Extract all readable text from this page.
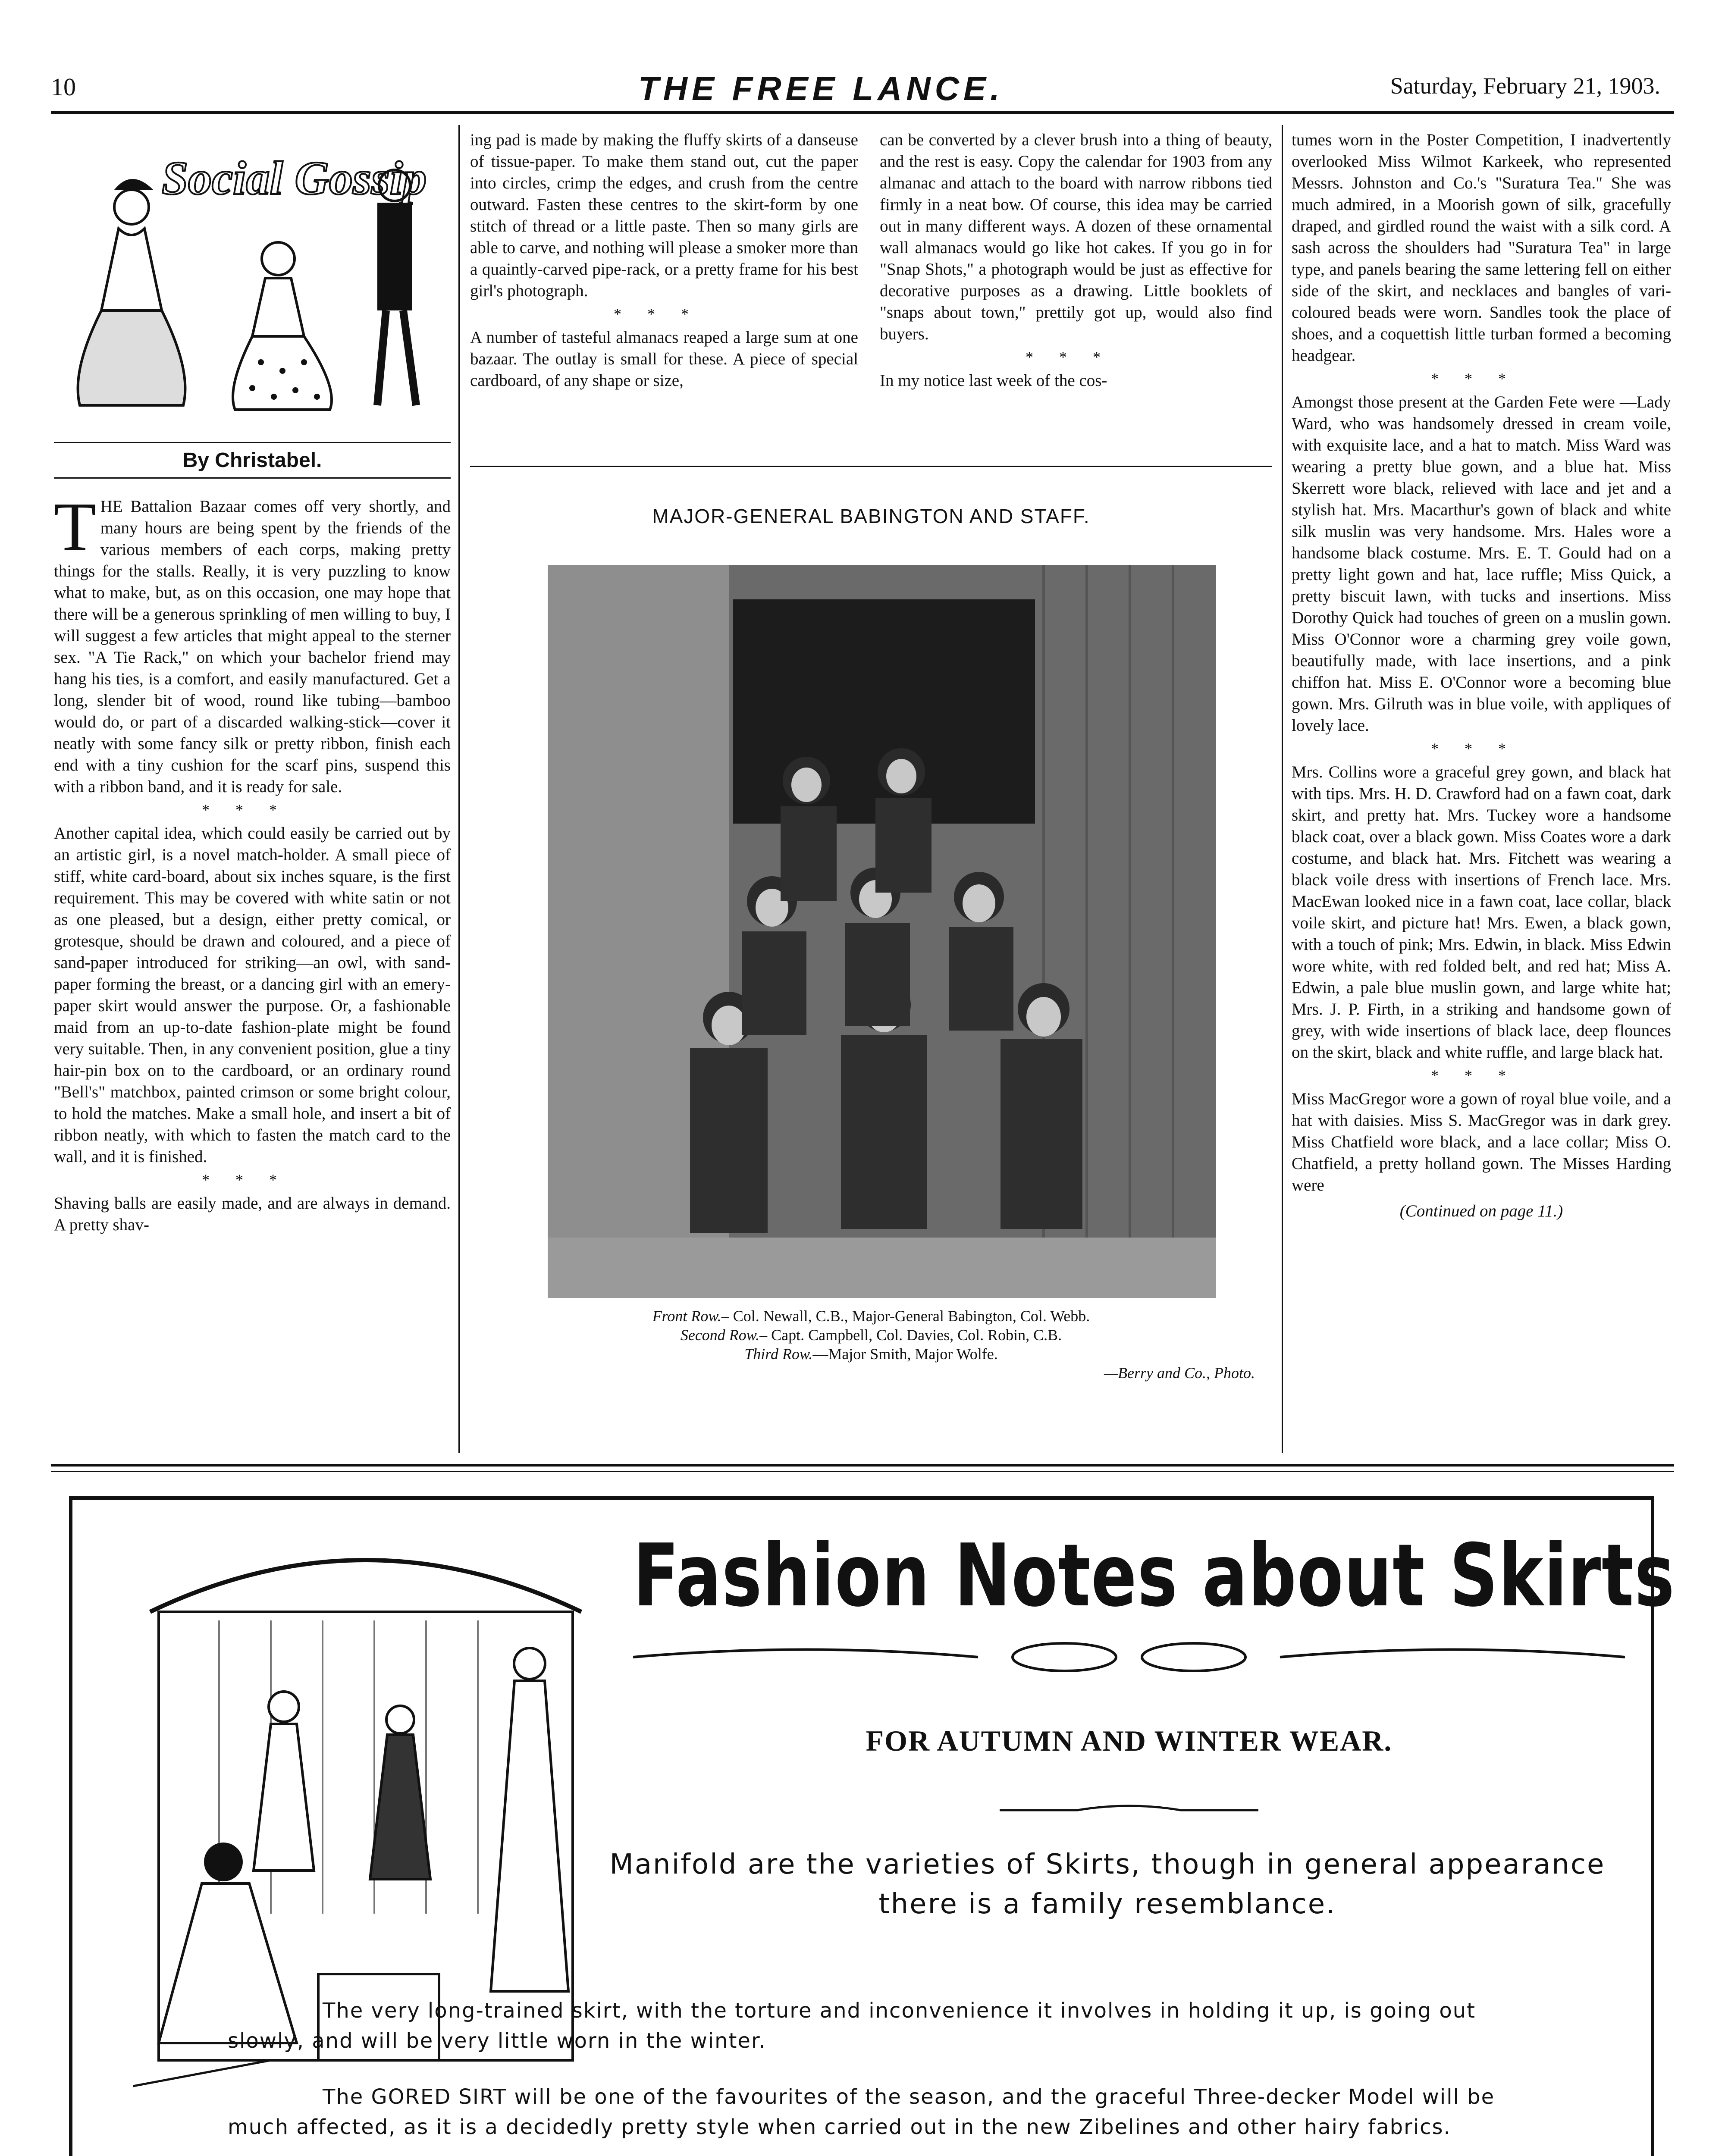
10	THE FREE LANCE.	Saturday, February 21, 1903.
Social Gossip
By Christabel.
T HE Battalion Bazaar comes off very shortly, and many hours are being spent by the friends of the various members of each corps, making pretty things for the stalls. Really, it is very puzzling to know what to make, but, as on this occasion, one may hope that there will be a generous sprinkling of men willing to buy, I will suggest a few articles that might appeal to the sterner sex. "A Tie Rack," on which your bachelor friend may hang his ties, is a comfort, and easily manufactured. Get a long, slender bit of wood, round like tubing—bamboo would do, or part of a discarded walking-stick—cover it neatly with some fancy silk or pretty ribbon, finish each end with a tiny cushion for the scarf pins, suspend this with a ribbon band, and it is ready for sale.

***

Another capital idea, which could easily be carried out by an artistic girl, is a novel match-holder. A small piece of stiff, white card-board, about six inches square, is the first requirement. This may be covered with white satin or not as one pleased, but a design, either pretty comical, or grotesque, should be drawn and coloured, and a piece of sand-paper introduced for striking—an owl, with sand-paper forming the breast, or a dancing girl with an emery-paper skirt would answer the purpose. Or, a fashionable maid from an up-to-date fashion-plate might be found very suitable. Then, in any convenient position, glue a tiny hair-pin box on to the cardboard, or an ordinary round "Bell's" matchbox, painted crimson or some bright colour, to hold the matches. Make a small hole, and insert a bit of ribbon neatly, with which to fasten the match card to the wall, and it is finished.

***

Shaving balls are easily made, and are always in demand. A pretty shav-

ing pad is made by making the fluffy skirts of a danseuse of tissue-paper. To make them stand out, cut the paper into circles, crimp the edges, and crush from the centre outward. Fasten these centres to the skirt-form by one stitch of thread or a little paste. Then so many girls are able to carve, and nothing will please a smoker more than a quaintly-carved pipe-rack, or a pretty frame for his best girl's photograph.

***

A number of tasteful almanacs reaped a large sum at one bazaar. The outlay is small for these. A piece of special cardboard, of any shape or size,

can be converted by a clever brush into a thing of beauty, and the rest is easy. Copy the calendar for 1903 from any almanac and attach to the board with narrow ribbons tied firmly in a neat bow. Of course, this idea may be carried out in many different ways. A dozen of these ornamental wall almanacs would go like hot cakes. If you go in for "Snap Shots," a photograph would be just as effective for decorative purposes as a drawing. Little booklets of "snaps about town," prettily got up, would also find buyers.

***

In my notice last week of the cos-

MAJOR-GENERAL BABINGTON AND STAFF.
Front Row.– Col. Newall, C.B., Major-General Babington, Col. Webb.
Second Row.– Capt. Campbell, Col. Davies, Col. Robin, C.B.
Third Row.—Major Smith, Major Wolfe.
—Berry and Co., Photo.

tumes worn in the Poster Competition, I inadvertently overlooked Miss Wilmot Karkeek, who represented Messrs. Johnston and Co.'s "Suratura Tea." She was much admired, in a Moorish gown of silk, gracefully draped, and girdled round the waist with a silk cord. A sash across the shoulders had "Suratura Tea" in large type, and panels bearing the same lettering fell on either side of the skirt, and necklaces and bangles of vari-coloured beads were worn. Sandles took the place of shoes, and a coquettish little turban formed a becoming headgear.

***

Amongst those present at the Garden Fete were —Lady Ward, who was handsomely dressed in cream voile, with exquisite lace, and a hat to match. Miss Ward was wearing a pretty blue gown, and a blue hat. Miss Skerrett wore black, relieved with lace and jet and a stylish hat. Mrs. Macarthur's gown of black and white silk muslin was very handsome. Mrs. Hales wore a handsome black costume. Mrs. E. T. Gould had on a pretty light gown and hat, lace ruffle; Miss Quick, a pretty biscuit lawn, with tucks and insertions. Miss Dorothy Quick had touches of green on a muslin gown. Miss O'Connor wore a charming grey voile gown, beautifully made, with lace insertions, and a pink chiffon hat. Miss E. O'Connor wore a becoming blue gown. Mrs. Gilruth was in blue voile, with appliques of lovely lace.

***

Mrs. Collins wore a graceful grey gown, and black hat with tips. Mrs. H. D. Crawford had on a fawn coat, dark skirt, and pretty hat. Mrs. Tuckey wore a handsome black coat, over a black gown. Miss Coates wore a dark costume, and black hat. Mrs. Fitchett was wearing a black voile dress with insertions of French lace. Mrs. MacEwan looked nice in a fawn coat, lace collar, black voile skirt, and picture hat! Mrs. Ewen, a black gown, with a touch of pink; Mrs. Edwin, in black. Miss Edwin wore white, with red folded belt, and red hat; Miss A. Edwin, a pale blue muslin gown, and large white hat; Mrs. J. P. Firth, in a striking and handsome gown of grey, with wide insertions of black lace, deep flounces on the skirt, black and white ruffle, and large black hat.

***

Miss MacGregor wore a gown of royal blue voile, and a hat with daisies. Miss S. MacGregor was in dark grey. Miss Chatfield wore black, and a lace collar; Miss O. Chatfield, a pretty holland gown. The Misses Harding were

(Continued on page 11.)
Fashion Notes about Skirts
FOR AUTUMN AND WINTER WEAR.
Manifold are the varieties of Skirts, though in general appearance there is a family resemblance.

The very long-trained skirt, with the torture and inconvenience it involves in holding it up, is going out slowly, and will be very little worn in the winter.

The GORED SIRT will be one of the favourites of the season, and the graceful Three-decker Model will be much affected, as it is a decidedly pretty style when carried out in the new Zibelines and other hairy fabrics.
